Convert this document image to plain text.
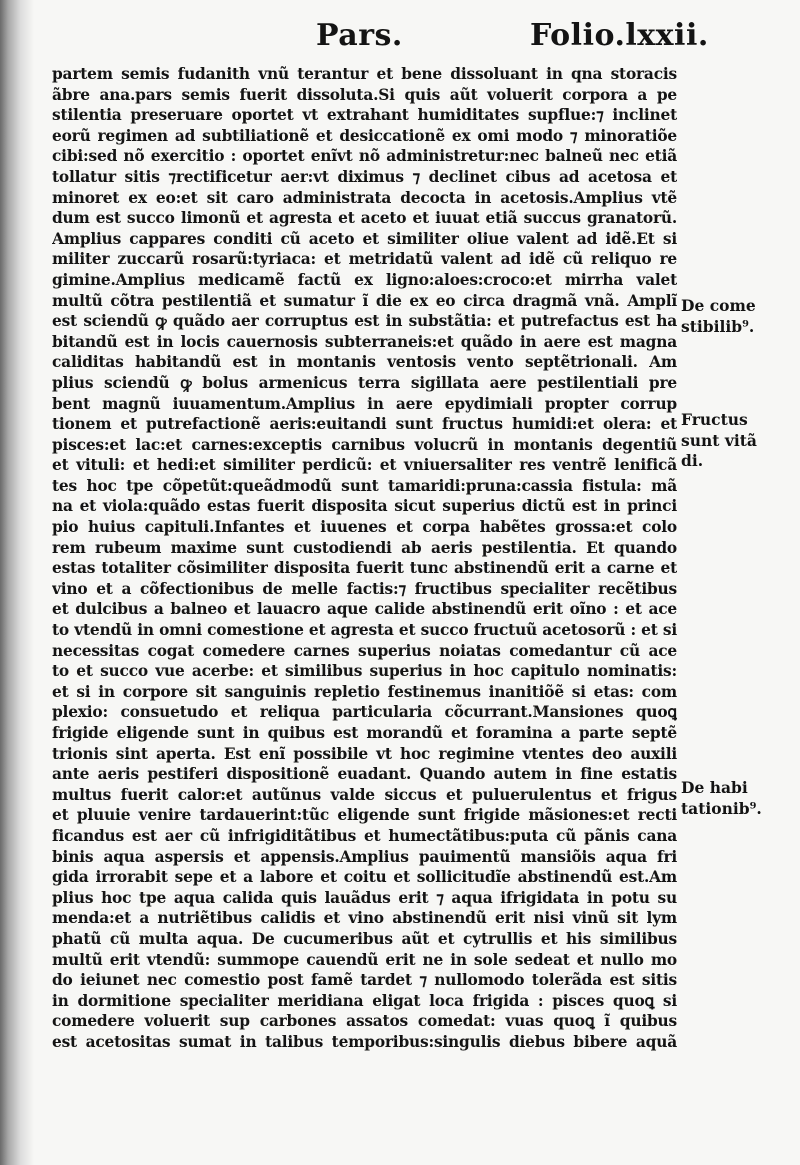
Pars.	Folio.lxxii.
partem semis fudanith vnũ terantur et bene dissoluant in qna storacis
ãbre ana.pars semis fuerit dissoluta.Si quis aũt voluerit corpora a pe
stilentia preseruare oportet vt extrahant humiditates supflue:⁊ inclinet
eorũ regimen ad subtiliationẽ et desiccationẽ ex omi modo ⁊ minoratiõe
cibi:sed nõ exercitio : oportet enĩvt nõ administretur:nec balneũ nec etiã
tollatur sitis ⁊rectificetur aer:vt diximus ⁊ declinet cibus ad acetosa et
minoret ex eo:et sit caro administrata decocta in acetosis.Amplius vtẽ
dum est succo limonũ et agresta et aceto et iuuat etiã succus granatorũ.
Amplius cappares conditi cũ aceto et similiter oliue valent ad idẽ.Et si
militer zuccarũ rosarũ:tyriaca: et metridatũ valent ad idẽ cũ reliquo re
gimine.Amplius medicamẽ factũ ex ligno:aloes:croco:et mirrha valet
multũ cõtra pestilentiã et sumatur ĩ die ex eo circa dragmã vnã. Amplĩ
est sciendũ ꝙ quãdo aer corruptus est in substãtia: et putrefactus est ha
bitandũ est in locis cauernosis subterraneis:et quãdo in aere est magna
caliditas habitandũ est in montanis ventosis vento septẽtrionali. Am
plius sciendũ ꝙ bolus armenicus terra sigillata aere pestilentiali pre
bent magnũ iuuamentum.Amplius in aere epydimiali propter corrup
tionem et putrefactionẽ aeris:euitandi sunt fructus humidi:et olera: et
pisces:et lac:et carnes:exceptis carnibus volucrũ in montanis degentiũ
et vituli: et hedi:et similiter perdicũ: et vniuersaliter res ventrẽ lenificã
tes hoc tpe cõpetũt:queãdmodũ sunt tamaridi:pruna:cassia fistula: mã
na et viola:quãdo estas fuerit disposita sicut superius dictũ est in princi
pio huius capituli.Infantes et iuuenes et corpa habẽtes grossa:et colo
rem rubeum maxime sunt custodiendi ab aeris pestilentia. Et quando
estas totaliter cõsimiliter disposita fuerit tunc abstinendũ erit a carne et
vino et a cõfectionibus de melle factis:⁊ fructibus specialiter recẽtibus
et dulcibus a balneo et lauacro aque calide abstinendũ erit oĩno : et ace
to vtendũ in omni comestione et agresta et succo fructuũ acetosorũ : et si
necessitas cogat comedere carnes superius noiatas comedantur cũ ace
to et succo vue acerbe: et similibus superius in hoc capitulo nominatis:
et si in corpore sit sanguinis repletio festinemus inanitiõẽ si etas: com
plexio: consuetudo et reliqua particularia cõcurrant.Mansiones quoꝗ
frigide eligende sunt in quibus est morandũ et foramina a parte septẽ
trionis sint aperta. Est enĩ possibile vt hoc regimine vtentes deo auxili
ante aeris pestiferi dispositionẽ euadant. Quando autem in fine estatis
multus fuerit calor:et autũnus valde siccus et puluerulentus et frigus
et pluuie venire tardauerint:tũc eligende sunt frigide mãsiones:et recti
ficandus est aer cũ infrigiditãtibus et humectãtibus:puta cũ pãnis cana
binis aqua aspersis et appensis.Amplius pauimentũ mansiõis aqua fri
gida irrorabit sepe et a labore et coitu et sollicitudĩe abstinendũ est.Am
plius hoc tpe aqua calida quis lauãdus erit ⁊ aqua ifrigidata in potu su
menda:et a nutriẽtibus calidis et vino abstinendũ erit nisi vinũ sit lym
phatũ cũ multa aqua. De cucumeribus aũt et cytrullis et his similibus
multũ erit vtendũ: summope cauendũ erit ne in sole sedeat et nullo mo
do ieiunet nec comestio post famẽ tardet ⁊ nullomodo tolerãda est sitis
in dormitione specialiter meridiana eligat loca frigida : pisces quoꝗ si
comedere voluerit sup carbones assatos comedat: vuas quoꝗ ĩ quibus
est acetositas sumat in talibus temporibus:singulis diebus bibere aquã
De come
stibilib⁹.
Fructus
sunt vitã
di.
De habi
tationib⁹.
